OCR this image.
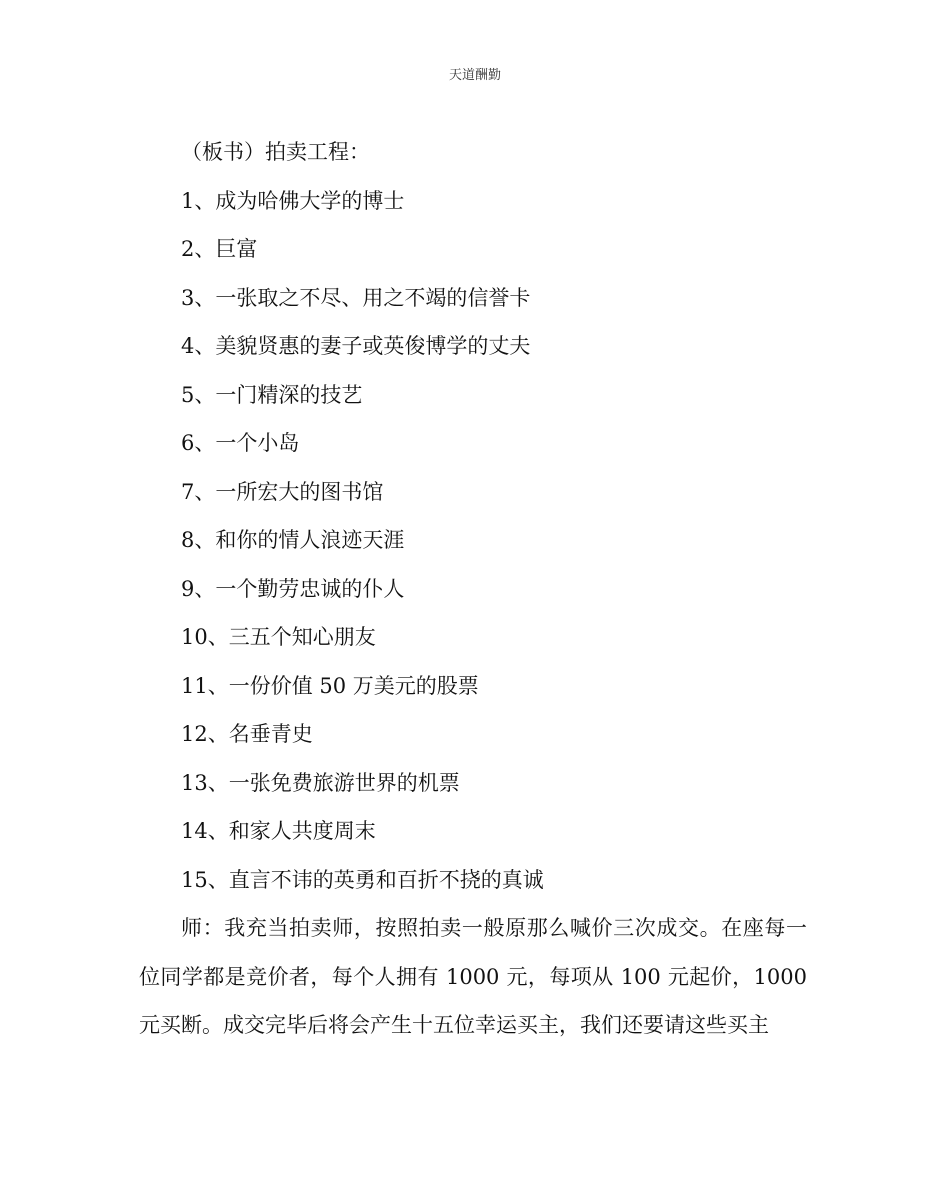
天道酬勤
（板书）拍卖工程：
1、成为哈佛大学的博士
2、巨富
3、一张取之不尽、用之不竭的信誉卡
4、美貌贤惠的妻子或英俊博学的丈夫
5、一门精深的技艺
6、一个小岛
7、一所宏大的图书馆
8、和你的情人浪迹天涯
9、一个勤劳忠诚的仆人
10、三五个知心朋友
11、一份价值 50 万美元的股票
12、名垂青史
13、一张免费旅游世界的机票
14、和家人共度周末
15、直言不讳的英勇和百折不挠的真诚

师：我充当拍卖师，按照拍卖一般原那么喊价三次成交。在座每一位同学都是竞价者，每个人拥有 1000 元，每项从 100 元起价，1000 元买断。成交完毕后将会产生十五位幸运买主，我们还要请这些买主
